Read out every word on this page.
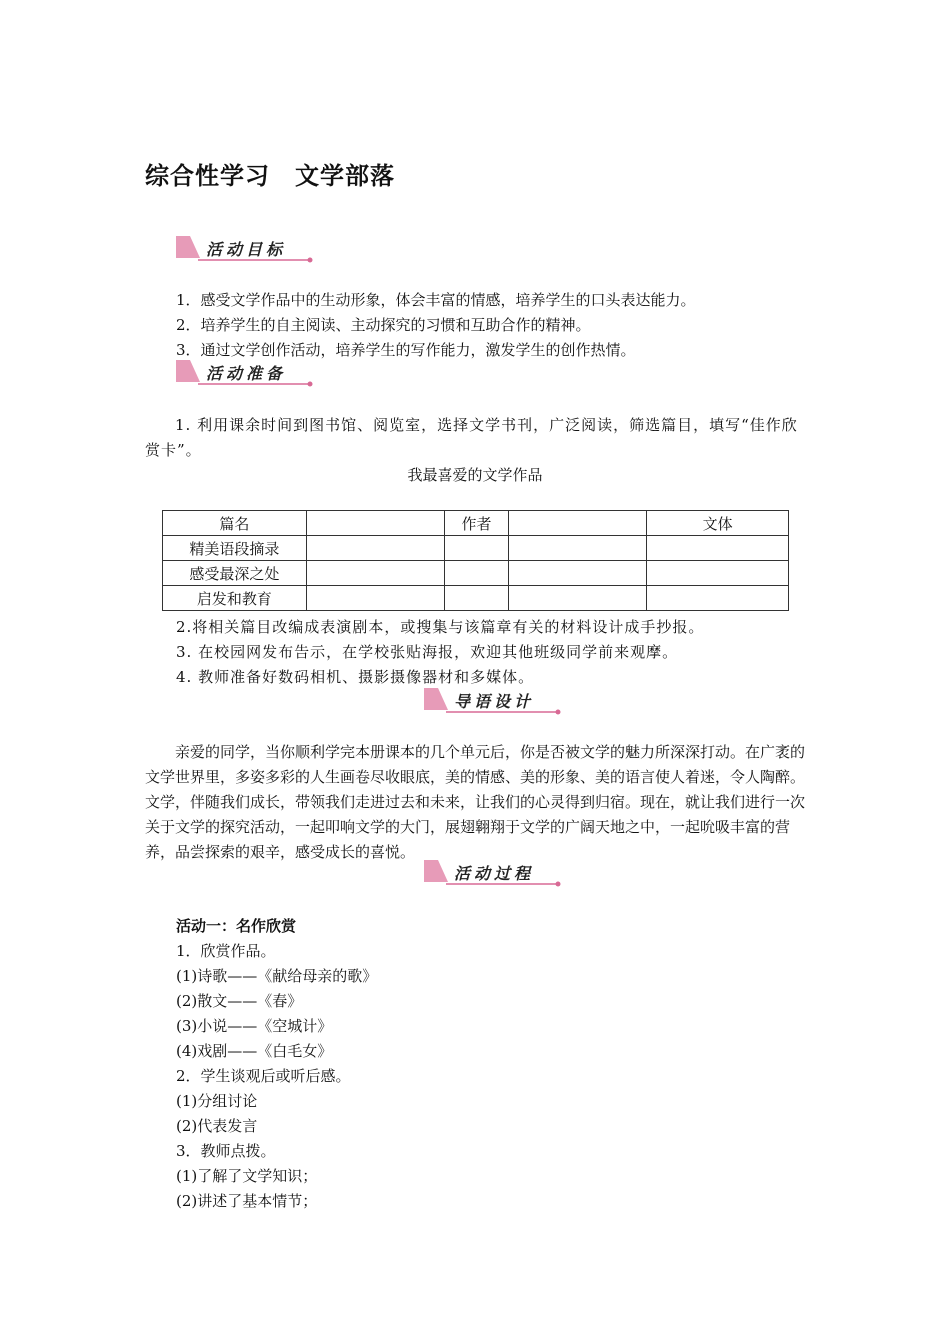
综合性学习　文学部落
活动目标
1．感受文学作品中的生动形象，体会丰富的情感，培养学生的口头表达能力。
2．培养学生的自主阅读、主动探究的习惯和互助合作的精神。
3．通过文学创作活动，培养学生的写作能力，激发学生的创作热情。
活动准备
1. 利用课余时间到图书馆、阅览室，选择文学书刊，广泛阅读，筛选篇目，填写“佳作欣赏卡”。
我最喜爱的文学作品
篇名		作者		文体
精美语段摘录				
感受最深之处				
启发和教育				
2.将相关篇目改编成表演剧本，或搜集与该篇章有关的材料设计成手抄报。
3. 在校园网发布告示，在学校张贴海报，欢迎其他班级同学前来观摩。
4. 教师准备好数码相机、摄影摄像器材和多媒体。
导语设计
亲爱的同学，当你顺利学完本册课本的几个单元后，你是否被文学的魅力所深深打动。在广袤的文学世界里，多姿多彩的人生画卷尽收眼底，美的情感、美的形象、美的语言使人着迷，令人陶醉。文学，伴随我们成长，带领我们走进过去和未来，让我们的心灵得到归宿。现在，就让我们进行一次关于文学的探究活动，一起叩响文学的大门，展翅翱翔于文学的广阔天地之中，一起吮吸丰富的营养，品尝探索的艰辛，感受成长的喜悦。
活动过程
活动一：名作欣赏
1．欣赏作品。
(1)诗歌——《献给母亲的歌》
(2)散文——《春》
(3)小说——《空城计》
(4)戏剧——《白毛女》
2．学生谈观后或听后感。
(1)分组讨论
(2)代表发言
3．教师点拨。
(1)了解了文学知识；
(2)讲述了基本情节；
